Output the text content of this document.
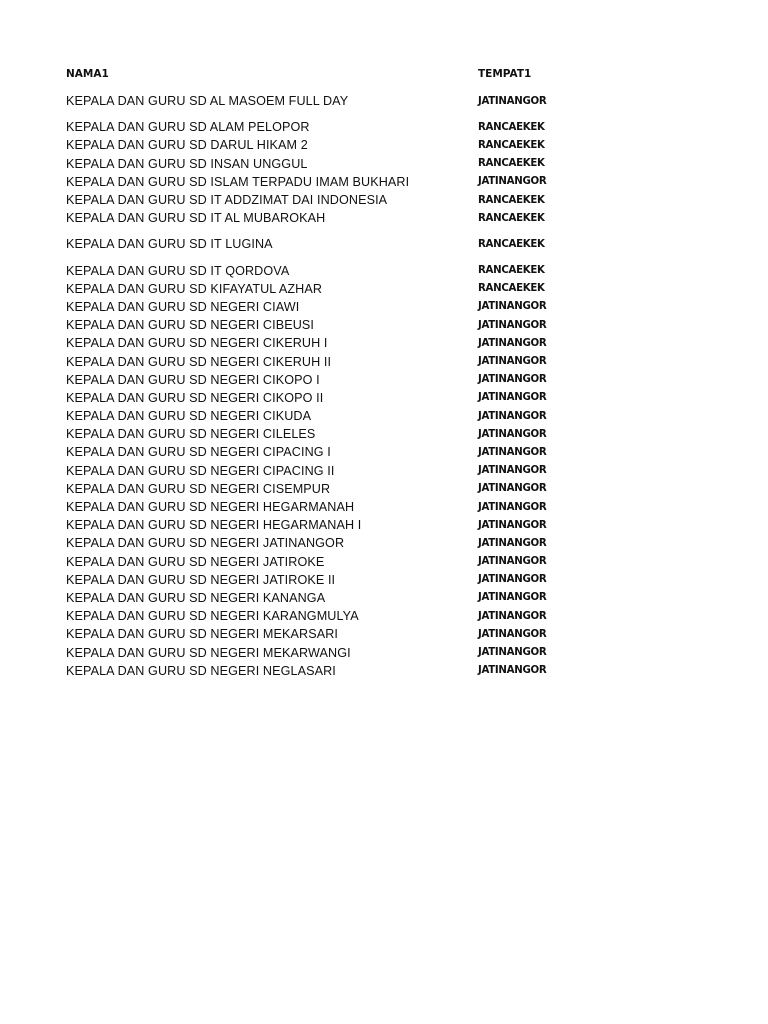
NAMA1	TEMPAT1
KEPALA DAN GURU SD AL MASOEM FULL DAY	JATINANGOR
KEPALA DAN GURU SD ALAM PELOPOR	RANCAEKEK
KEPALA DAN GURU SD DARUL HIKAM 2	RANCAEKEK
KEPALA DAN GURU SD INSAN UNGGUL	RANCAEKEK
KEPALA DAN GURU SD ISLAM TERPADU IMAM BUKHARI	JATINANGOR
KEPALA DAN GURU SD IT ADDZIMAT DAI INDONESIA	RANCAEKEK
KEPALA DAN GURU SD IT AL MUBAROKAH	RANCAEKEK
KEPALA DAN GURU SD IT LUGINA	RANCAEKEK
KEPALA DAN GURU SD IT QORDOVA	RANCAEKEK
KEPALA DAN GURU SD KIFAYATUL AZHAR	RANCAEKEK
KEPALA DAN GURU SD NEGERI CIAWI	JATINANGOR
KEPALA DAN GURU SD NEGERI CIBEUSI	JATINANGOR
KEPALA DAN GURU SD NEGERI CIKERUH I	JATINANGOR
KEPALA DAN GURU SD NEGERI CIKERUH II	JATINANGOR
KEPALA DAN GURU SD NEGERI CIKOPO I	JATINANGOR
KEPALA DAN GURU SD NEGERI CIKOPO II	JATINANGOR
KEPALA DAN GURU SD NEGERI CIKUDA	JATINANGOR
KEPALA DAN GURU SD NEGERI CILELES	JATINANGOR
KEPALA DAN GURU SD NEGERI CIPACING I	JATINANGOR
KEPALA DAN GURU SD NEGERI CIPACING II	JATINANGOR
KEPALA DAN GURU SD NEGERI CISEMPUR	JATINANGOR
KEPALA DAN GURU SD NEGERI HEGARMANAH	JATINANGOR
KEPALA DAN GURU SD NEGERI HEGARMANAH I	JATINANGOR
KEPALA DAN GURU SD NEGERI JATINANGOR	JATINANGOR
KEPALA DAN GURU SD NEGERI JATIROKE	JATINANGOR
KEPALA DAN GURU SD NEGERI JATIROKE II	JATINANGOR
KEPALA DAN GURU SD NEGERI KANANGA	JATINANGOR
KEPALA DAN GURU SD NEGERI KARANGMULYA	JATINANGOR
KEPALA DAN GURU SD NEGERI MEKARSARI	JATINANGOR
KEPALA DAN GURU SD NEGERI MEKARWANGI	JATINANGOR
KEPALA DAN GURU SD NEGERI NEGLASARI	JATINANGOR
